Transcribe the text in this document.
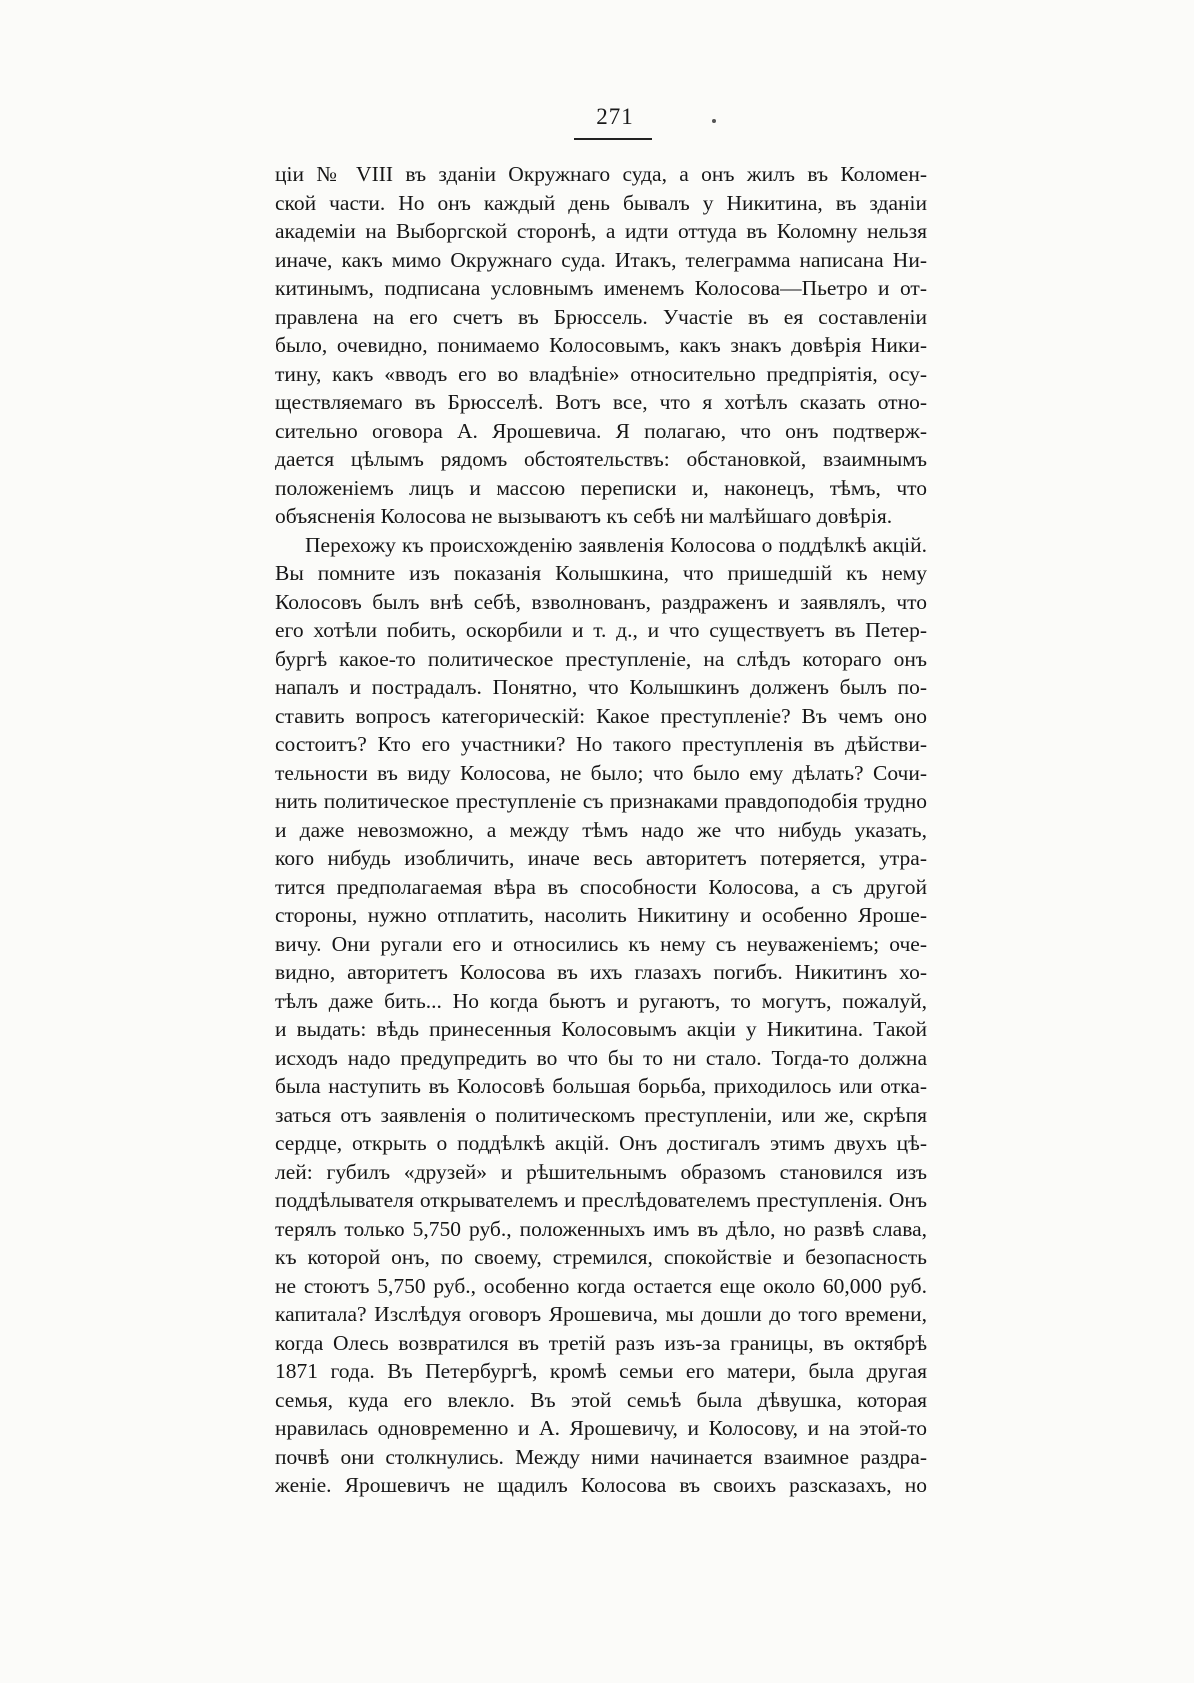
271
ціи № VIII въ зданіи Окружнаго суда, а онъ жилъ въ Коломен-
ской части. Но онъ каждый день бывалъ у Никитина, въ зданіи
академіи на Выборгской сторонѣ, а идти оттуда въ Коломну нельзя
иначе, какъ мимо Окружнаго суда. Итакъ, телеграмма написана Ни-
китинымъ, подписана условнымъ именемъ Колосова—Пьетро и от-
правлена на его счетъ въ Брюссель. Участіе въ ея составленіи
было, очевидно, понимаемо Колосовымъ, какъ знакъ довѣрія Ники-
тину, какъ «вводъ его во владѣніе» относительно предпріятія, осу-
ществляемаго въ Брюсселѣ. Вотъ все, что я хотѣлъ сказать отно-
сительно оговора А. Ярошевича. Я полагаю, что онъ подтверж-
дается цѣлымъ рядомъ обстоятельствъ: обстановкой, взаимнымъ
положеніемъ лицъ и массою переписки и, наконецъ, тѣмъ, что
объясненія Колосова не вызываютъ къ себѣ ни малѣйшаго довѣрія.
Перехожу къ происхожденію заявленія Колосова о поддѣлкѣ акцій.
Вы помните изъ показанія Колышкина, что пришедшій къ нему
Колосовъ былъ внѣ себѣ, взволнованъ, раздраженъ и заявлялъ, что
его хотѣли побить, оскорбили и т. д., и что существуетъ въ Петер-
бургѣ какое-то политическое преступленіе, на слѣдъ котораго онъ
напалъ и пострадалъ. Понятно, что Колышкинъ долженъ былъ по-
ставить вопросъ категорическій: Какое преступленіе? Въ чемъ оно
состоитъ? Кто его участники? Но такого преступленія въ дѣйстви-
тельности въ виду Колосова, не было; что было ему дѣлать? Сочи-
нить политическое преступленіе съ признаками правдоподобія трудно
и даже невозможно, а между тѣмъ надо же что нибудь указать,
кого нибудь изобличить, иначе весь авторитетъ потеряется, утра-
тится предполагаемая вѣра въ способности Колосова, а съ другой
стороны, нужно отплатить, насолить Никитину и особенно Яроше-
вичу. Они ругали его и относились къ нему съ неуваженіемъ; оче-
видно, авторитетъ Колосова въ ихъ глазахъ погибъ. Никитинъ хо-
тѣлъ даже бить... Но когда бьютъ и ругаютъ, то могутъ, пожалуй,
и выдать: вѣдь принесенныя Колосовымъ акціи у Никитина. Такой
исходъ надо предупредить во что бы то ни стало. Тогда-то должна
была наступить въ Колосовѣ большая борьба, приходилось или отка-
заться отъ заявленія о политическомъ преступленіи, или же, скрѣпя
сердце, открыть о поддѣлкѣ акцій. Онъ достигалъ этимъ двухъ цѣ-
лей: губилъ «друзей» и рѣшительнымъ образомъ становился изъ
поддѣлывателя открывателемъ и преслѣдователемъ преступленія. Онъ
терялъ только 5,750 руб., положенныхъ имъ въ дѣло, но развѣ слава,
къ которой онъ, по своему, стремился, спокойствіе и безопасность
не стоютъ 5,750 руб., особенно когда остается еще около 60,000 руб.
капитала? Изслѣдуя оговоръ Ярошевича, мы дошли до того времени,
когда Олесь возвратился въ третій разъ изъ-за границы, въ октябрѣ
1871 года. Въ Петербургѣ, кромѣ семьи его матери, была другая
семья, куда его влекло. Въ этой семьѣ была дѣвушка, которая
нравилась одновременно и А. Ярошевичу, и Колосову, и на этой-то
почвѣ они столкнулись. Между ними начинается взаимное раздра-
женіе. Ярошевичъ не щадилъ Колосова въ своихъ разсказахъ, но
